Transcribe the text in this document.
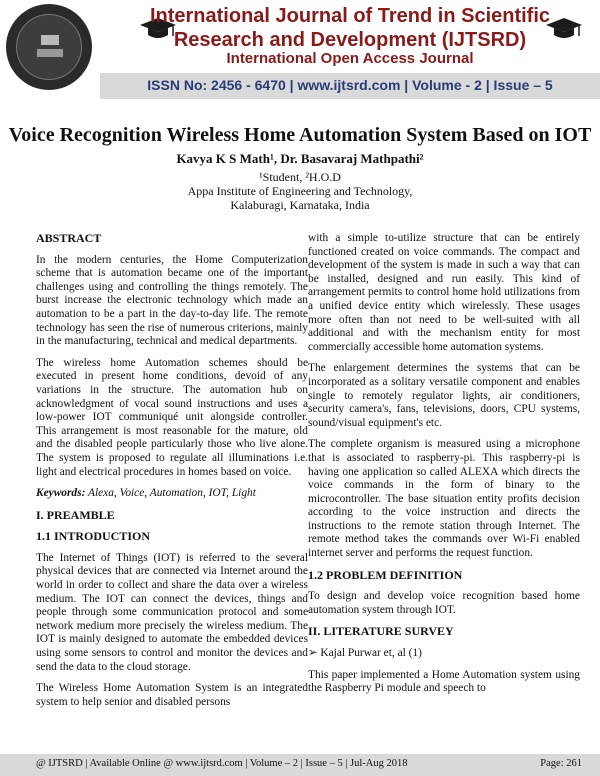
International Journal of Trend in Scientific
Research and Development (IJTSRD)
International Open Access Journal
ISSN No: 2456 - 6470 | www.ijtsrd.com | Volume - 2 | Issue – 5
Voice Recognition Wireless Home Automation System Based on IOT
Kavya K S Math¹, Dr. Basavaraj Mathpathi²
¹Student, ²H.O.D
Appa Institute of Engineering and Technology,
Kalaburagi, Karnataka, India

ABSTRACT

In the modern centuries, the Home Computerization scheme that is automation became one of the important challenges using and controlling the things remotely. The burst increase the electronic technology which made an automation to be a part in the day-to-day life. The remote technology has seen the rise of numerous criterions, mainly in the manufacturing, technical and medical departments.

The wireless home Automation schemes should be executed in present home conditions, devoid of any variations in the structure. The automation hub on acknowledgment of vocal sound instructions and uses a low-power IOT communiqué unit alongside controller. This arrangement is most reasonable for the mature, old and the disabled people particularly those who live alone. The system is proposed to regulate all illuminations i.e. light and electrical procedures in homes based on voice.

Keywords: Alexa, Voice, Automation, IOT, Light

I. PREAMBLE

1.1 INTRODUCTION

The Internet of Things (IOT) is referred to the several physical devices that are connected via Internet around the world in order to collect and share the data over a wireless medium. The IOT can connect the devices, things and people through some communication protocol and some network medium more precisely the wireless medium. The IOT is mainly designed to automate the embedded devices using some sensors to control and monitor the devices and send the data to the cloud storage.

The Wireless Home Automation System is an integrated system to help senior and disabled persons

with a simple to-utilize structure that can be entirely functioned created on voice commands. The compact and development of the system is made in such a way that can be installed, designed and run easily. This kind of arrangement permits to control home hold utilizations from a unified device entity which wirelessly. These usages more often than not need to be well-suited with all additional and with the mechanism entity for most commercially accessible home automation systems.

The enlargement determines the systems that can be incorporated as a solitary versatile component and enables single to remotely regulator lights, air conditioners, security camera's, fans, televisions, doors, CPU systems, sound/visual equipment's etc.

The complete organism is measured using a microphone that is associated to raspberry-pi. This raspberry-pi is having one application so called ALEXA which directs the voice commands in the form of binary to the microcontroller. The base situation entity profits decision according to the voice instruction and directs the instructions to the remote station through Internet. The remote method takes the commands over Wi-Fi enabled internet server and performs the request function.

1.2 PROBLEM DEFINITION

To design and develop voice recognition based home automation system through IOT.

II. LITERATURE SURVEY

➢ Kajal Purwar et, al (1)

This paper implemented a Home Automation system using the Raspberry Pi module and speech to

@ IJTSRD | Available Online @ www.ijtsrd.com | Volume – 2 | Issue – 5 | Jul-Aug 2018	Page: 261
